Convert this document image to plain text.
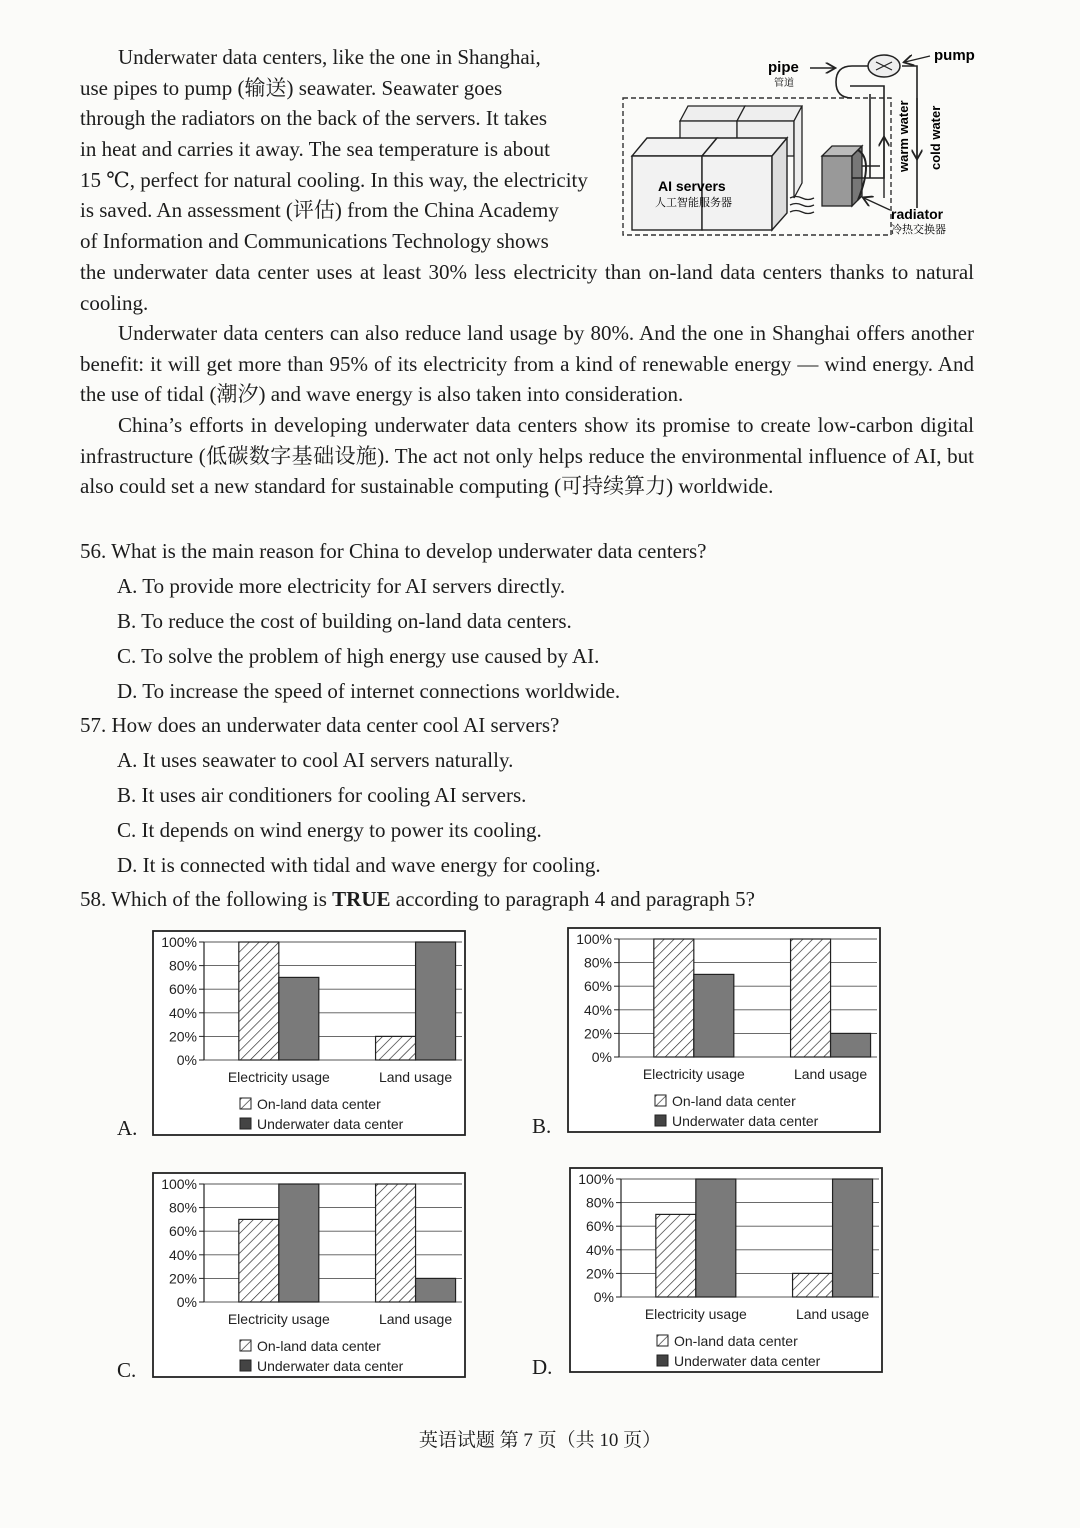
Underwater data centers, like the one in Shanghai,

use pipes to pump (输送) seawater. Seawater goes

through the radiators on the back of the servers. It takes

in heat and carries it away. The sea temperature is about

15 ℃, perfect for natural cooling. In this way, the electricity

is saved. An assessment (评估) from the China Academy

of Information and Communications Technology shows

the underwater data center uses at least 30% less electricity than on-land data centers thanks to natural cooling.

Underwater data centers can also reduce land usage by 80%. And the one in Shanghai offers another benefit: it will get more than 95% of its electricity from a kind of renewable energy — wind energy. And the use of tidal (潮汐) and wave energy is also taken into consideration.

China’s efforts in developing underwater data centers show its promise to create low-carbon digital infrastructure (低碳数字基础设施). The act not only helps reduce the environmental influence of AI, but also could set a new standard for sustainable computing (可持续算力) worldwide.

pipe
管道
pump
warm water cold water
AI servers
人工智能服务器
radiator
冷热交换器

56. What is the main reason for China to develop underwater data centers?

A. To provide more electricity for AI servers directly.

B. To reduce the cost of building on-land data centers.

C. To solve the problem of high energy use caused by AI.

D. To increase the speed of internet connections worldwide.

57. How does an underwater data center cool AI servers?

A. It uses seawater to cool AI servers naturally.

B. It uses air conditioners for cooling AI servers.

C. It depends on wind energy to power its cooling.

D. It is connected with tidal and wave energy for cooling.

58. Which of the following is TRUE according to paragraph 4 and paragraph 5?

100%
80%
60%
40%
20%
0%
Electricity usage	Land usage
On-land data center
Underwater data center
100%
80%
60%
40%
20%
0%
Electricity usage	Land usage
On-land data center
Underwater data center
100%
80%
60%
40%
20%
0%
Electricity usage	Land usage
On-land data center
Underwater data center
100%
80%
60%
40%
20%
0%
Electricity usage	Land usage
On-land data center
Underwater data center
A.	B.
C.	D.
英语试题 第 7 页（共 10 页）
